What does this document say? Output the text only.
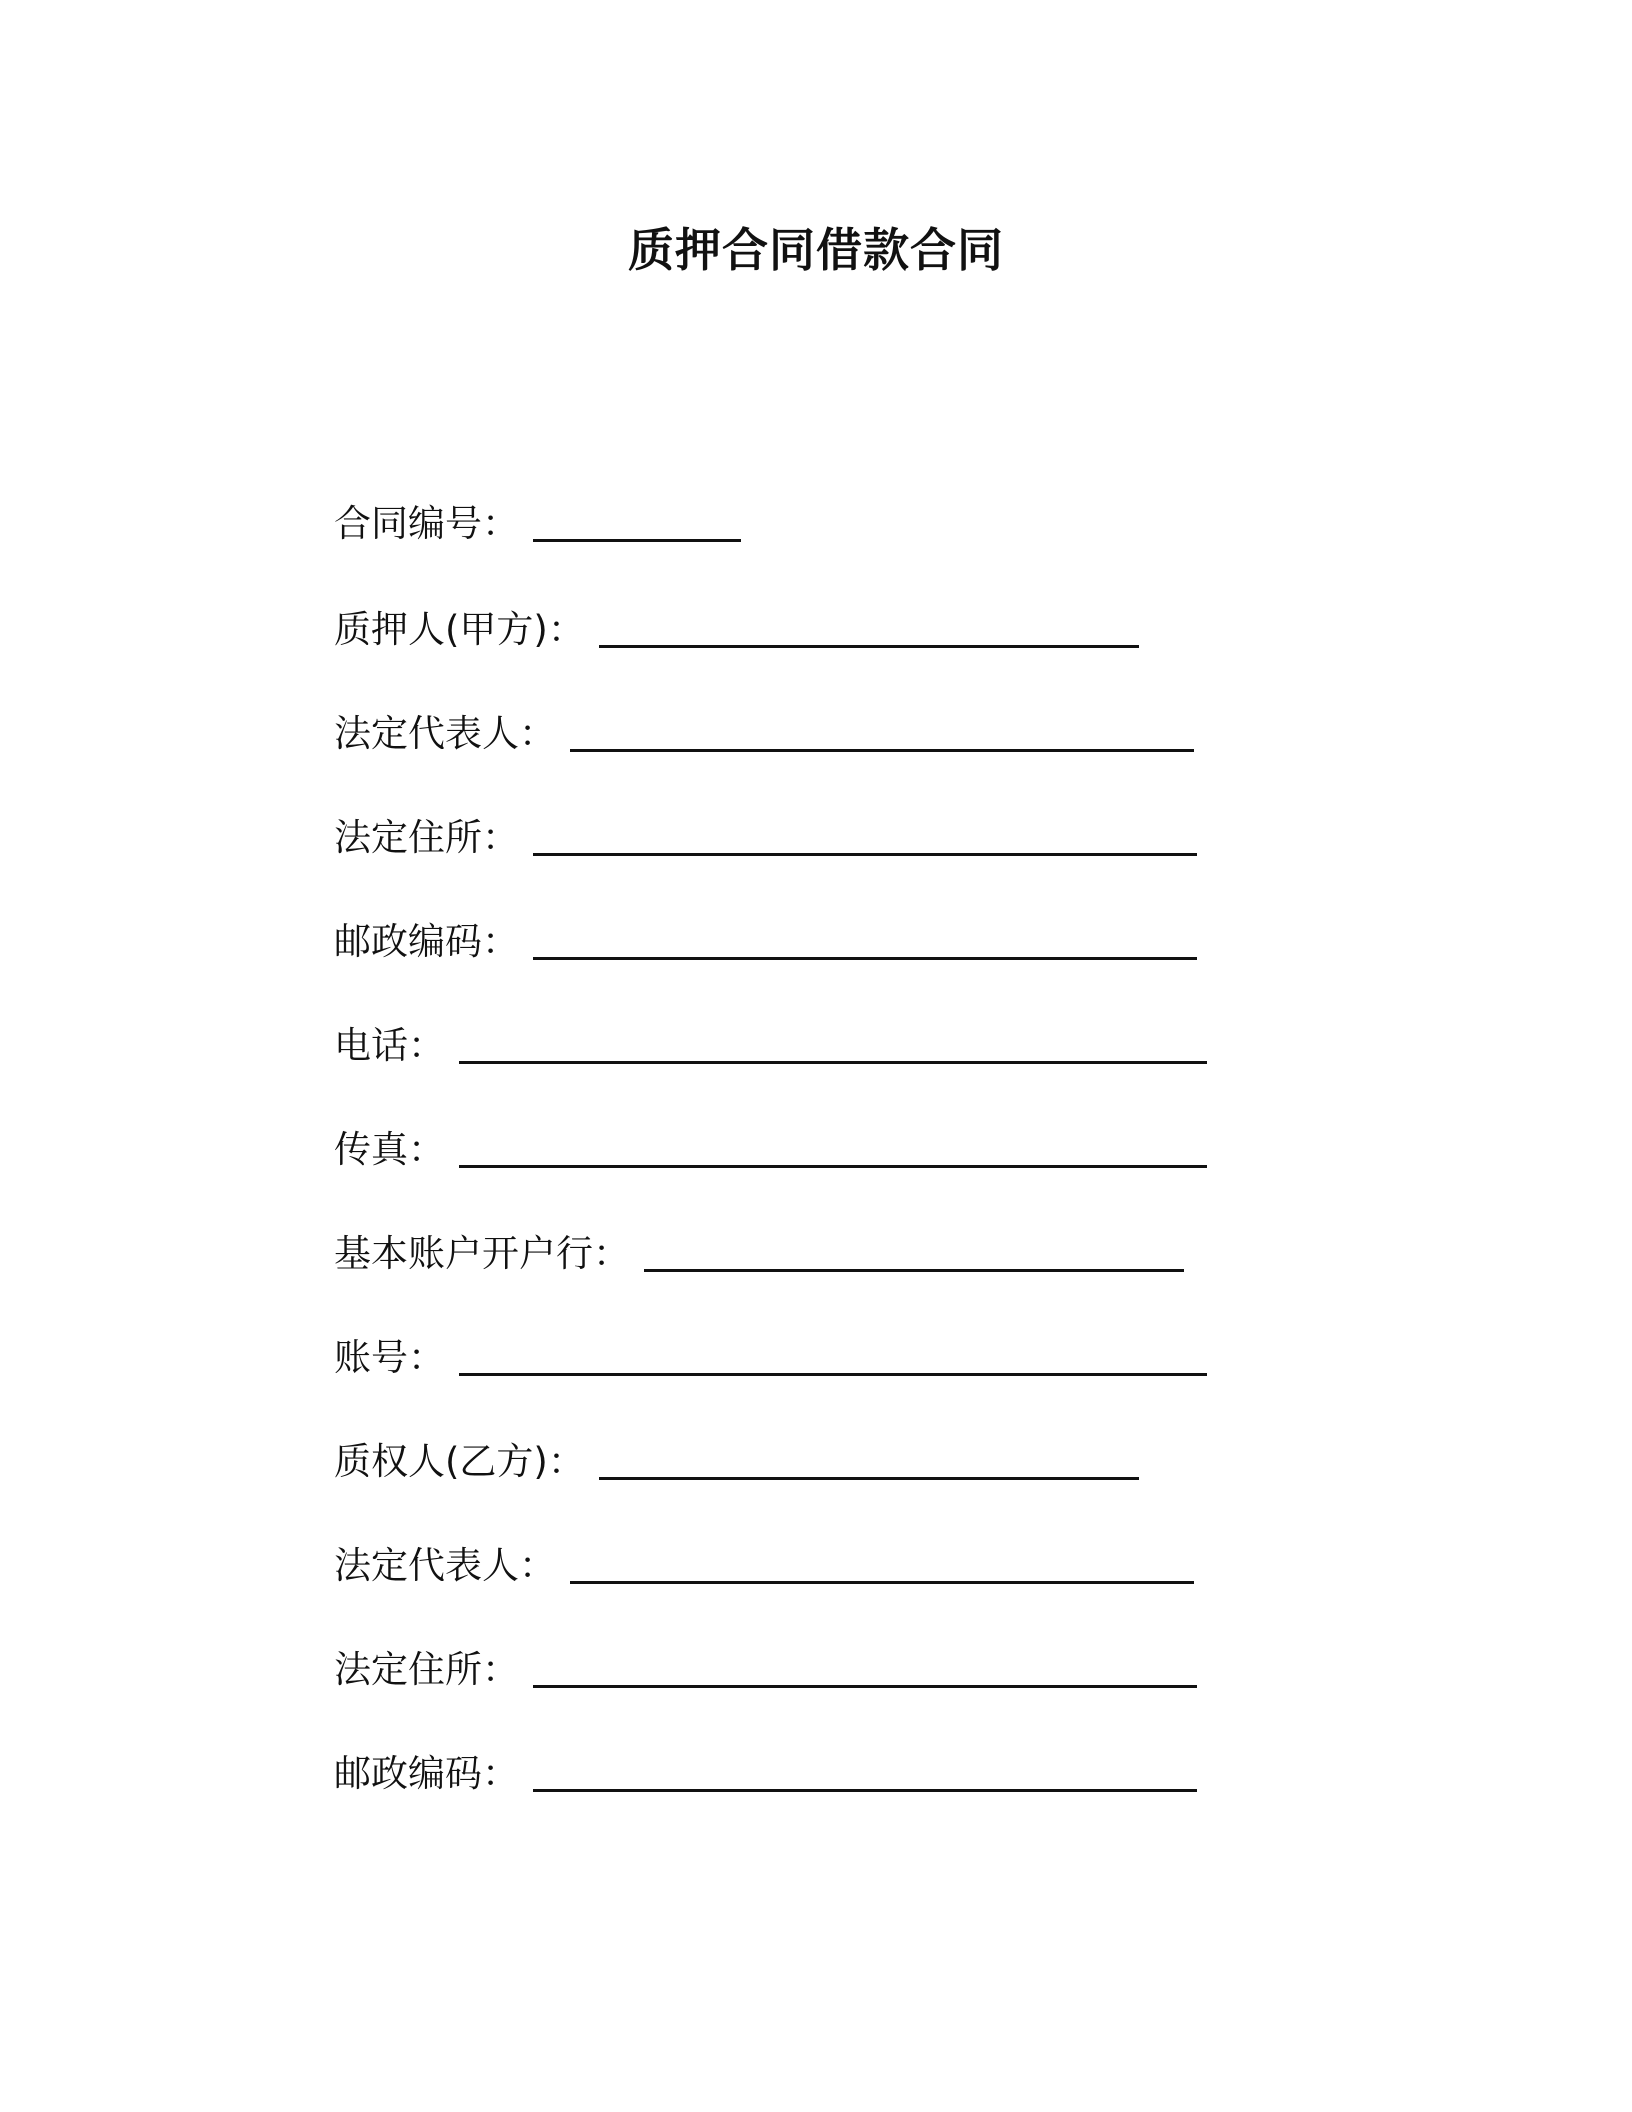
质押合同借款合同
合同编号：
质押人(甲方)：
法定代表人：
法定住所：
邮政编码：
电话：
传真：
基本账户开户行：
账号：
质权人(乙方)：
法定代表人：
法定住所：
邮政编码：
